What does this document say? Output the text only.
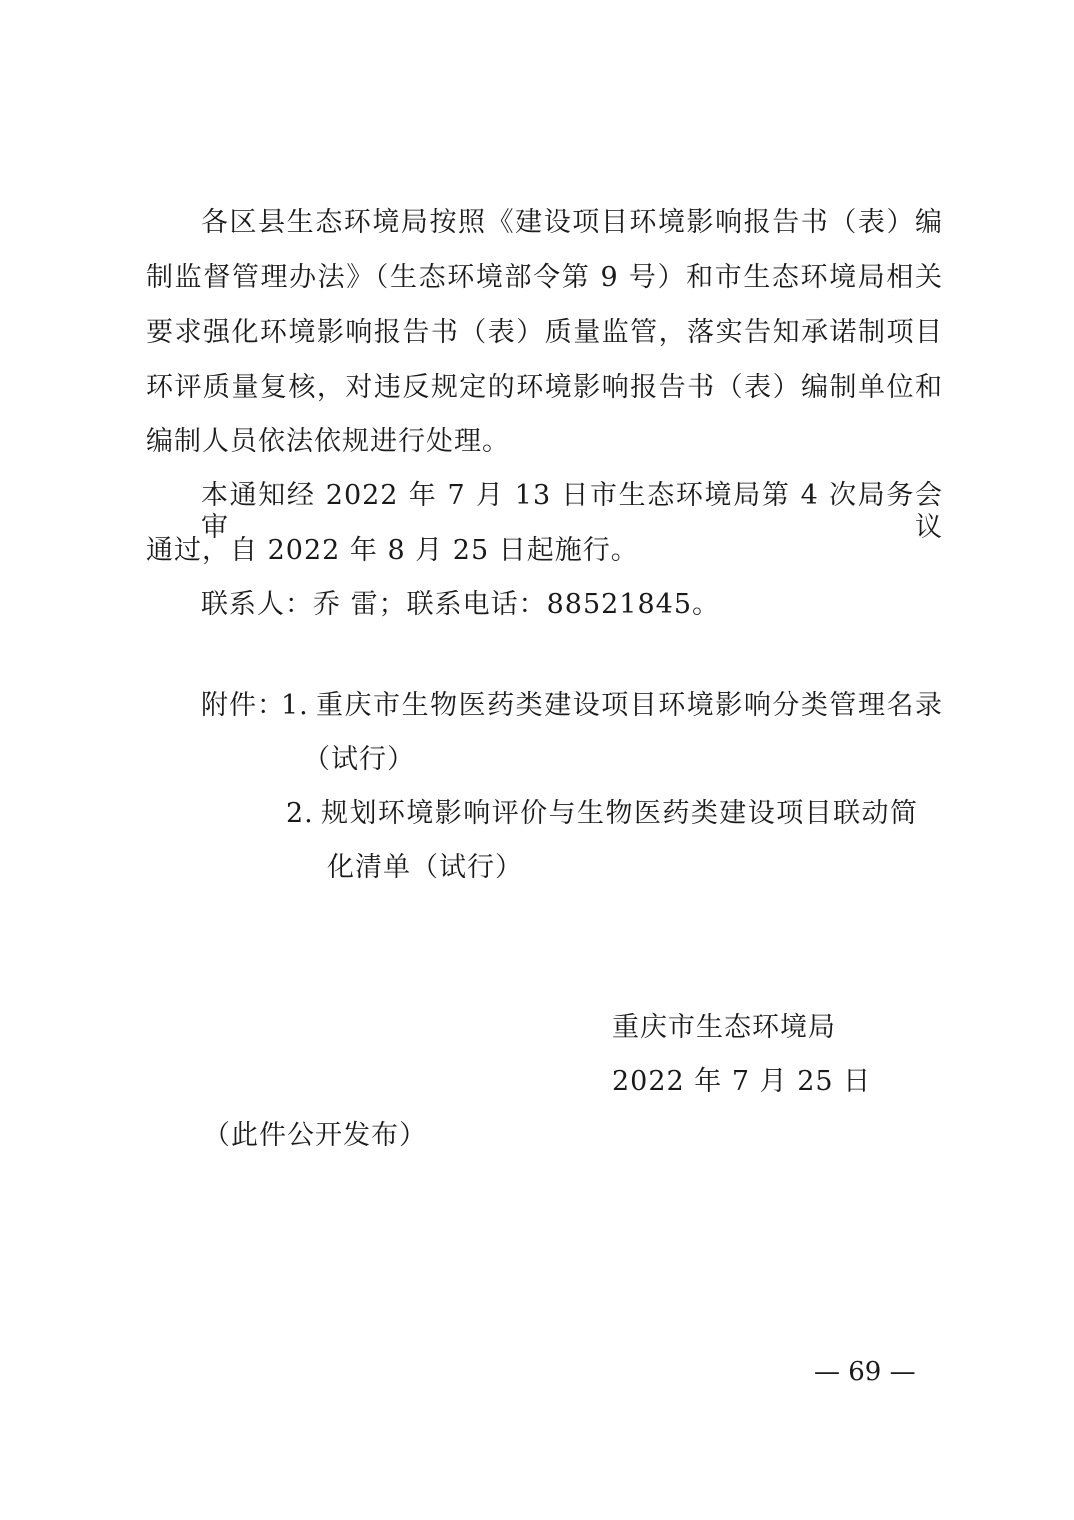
各区县生态环境局按照《建设项目环境影响报告书（表）编
制监督管理办法》（生态环境部令第 9 号）和市生态环境局相关
要求强化环境影响报告书（表）质量监管，落实告知承诺制项目
环评质量复核，对违反规定的环境影响报告书（表）编制单位和
编制人员依法依规进行处理。
本通知经 2022 年 7 月 13 日市生态环境局第 4 次局务会审议
通过，自 2022 年 8 月 25 日起施行。
联系人：乔 雷；联系电话：88521845。
附件：
1. 重庆市生物医药类建设项目环境影响分类管理名录
（试行）
2. 规划环境影响评价与生物医药类建设项目联动简
化清单（试行）
重庆市生态环境局
2022 年 7 月 25 日
（此件公开发布）
— 69 —
